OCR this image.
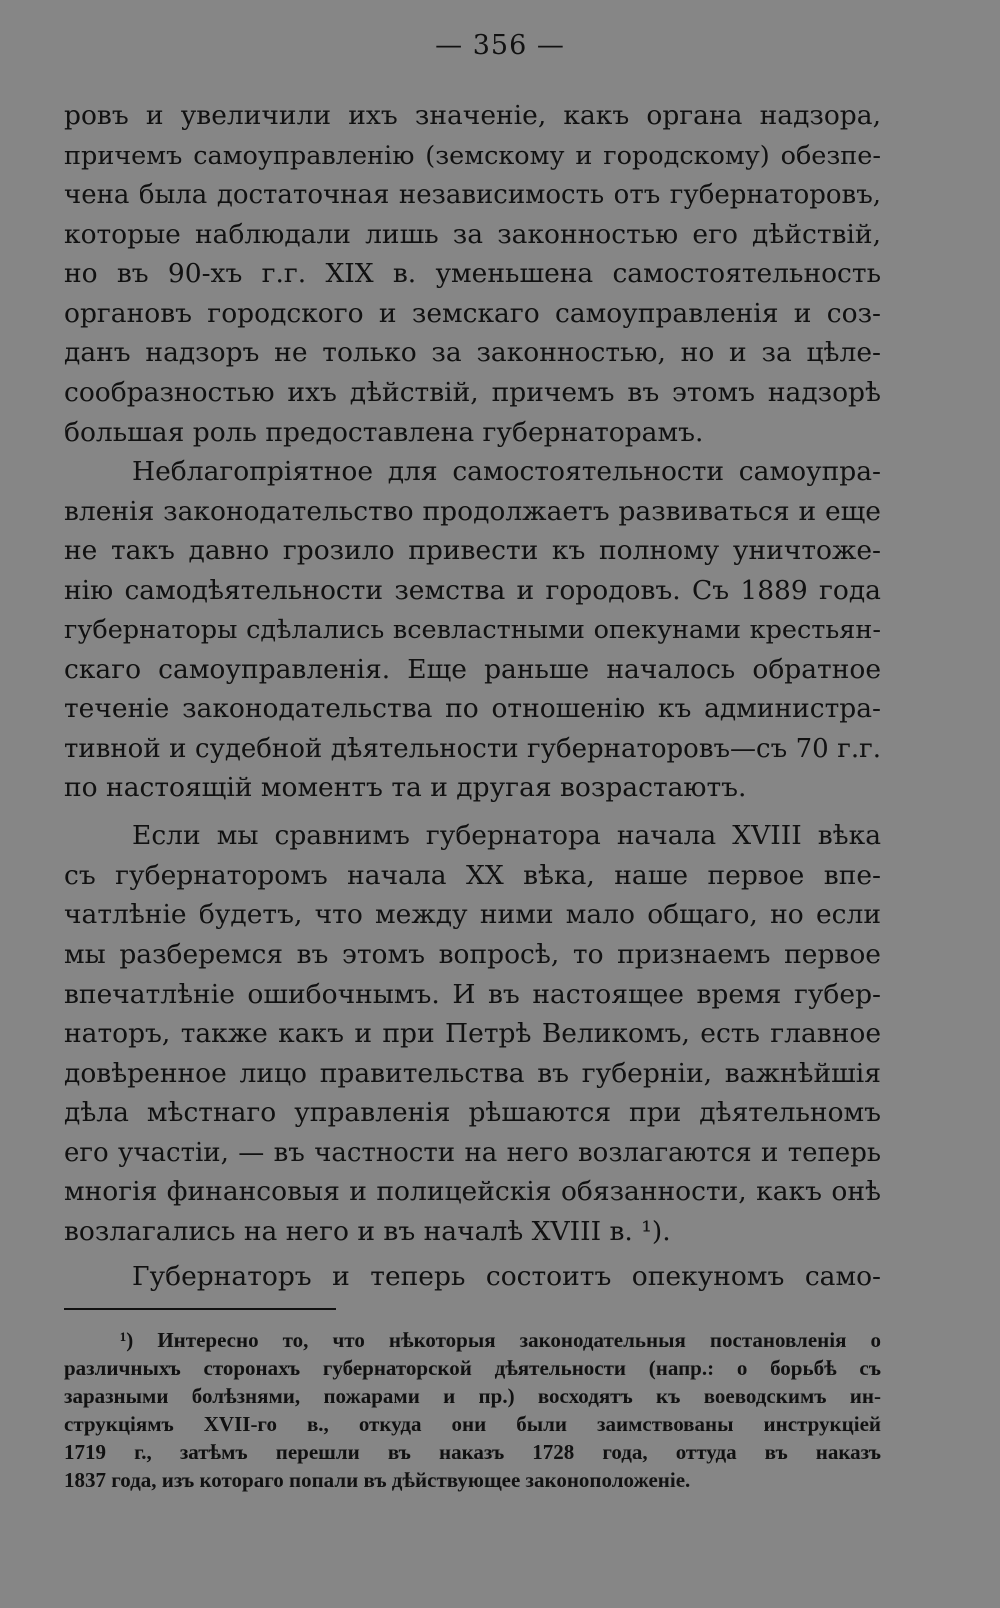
— 356 —
ровъ и увеличили ихъ значеніе, какъ органа надзора,
причемъ самоуправленію (земскому и городскому) обезпе-
чена была достаточная независимость отъ губернаторовъ,
которые наблюдали лишь за законностью его дѣйствій,
но въ 90-хъ г.г. XIX в. уменьшена самостоятельность
органовъ городского и земскаго самоуправленія и соз-
данъ надзоръ не только за законностью, но и за цѣле-
сообразностью ихъ дѣйствій, причемъ въ этомъ надзорѣ
большая роль предоставлена губернаторамъ.
Неблагопріятное для самостоятельности самоупра-
вленія законодательство продолжаетъ развиваться и еще
не такъ давно грозило привести къ полному уничтоже-
нію самодѣятельности земства и городовъ. Съ 1889 года
губернаторы сдѣлались всевластными опекунами крестьян-
скаго самоуправленія. Еще раньше началось обратное
теченіе законодательства по отношенію къ администра-
тивной и судебной дѣятельности губернаторовъ—съ 70 г.г.
по настоящій моментъ та и другая возрастаютъ.
Если мы сравнимъ губернатора начала XVIII вѣка
съ губернаторомъ начала XX вѣка, наше первое впе-
чатлѣніе будетъ, что между ними мало общаго, но если
мы разберемся въ этомъ вопросѣ, то признаемъ первое
впечатлѣніе ошибочнымъ. И въ настоящее время губер-
наторъ, также какъ и при Петрѣ Великомъ, есть главное
довѣренное лицо правительства въ губерніи, важнѣйшія
дѣла мѣстнаго управленія рѣшаются при дѣятельномъ
его участіи, — въ частности на него возлагаются и теперь
многія финансовыя и полицейскія обязанности, какъ онѣ
возлагались на него и въ началѣ XVIII в. ¹).
Губернаторъ и теперь состоитъ опекуномъ само-
¹) Интересно то, что нѣкоторыя законодательныя постановленія о
различныхъ сторонахъ губернаторской дѣятельности (напр.: о борьбѣ съ
заразными болѣзнями, пожарами и пр.) восходятъ къ воеводскимъ ин-
струкціямъ XVII-го в., откуда они были заимствованы инструкціей
1719 г., затѣмъ перешли въ наказъ 1728 года, оттуда въ наказъ
1837 года, изъ котораго попали въ дѣйствующее законоположеніе.
